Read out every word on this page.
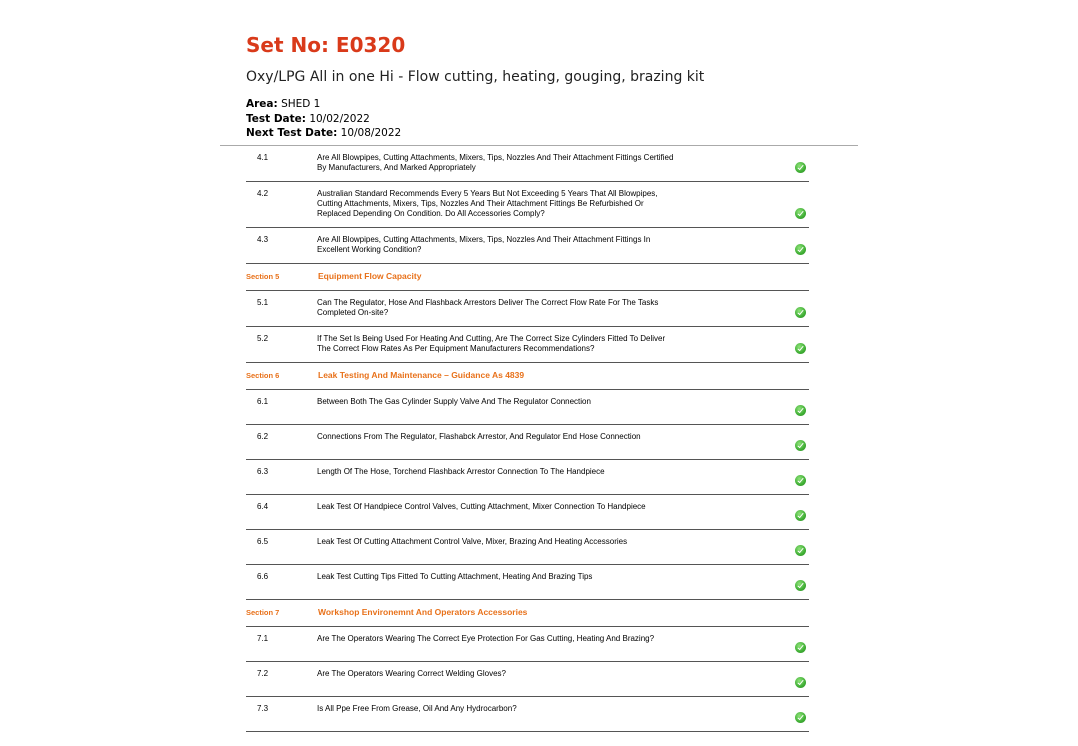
Set No: E0320
Oxy/LPG All in one Hi - Flow cutting, heating, gouging, brazing kit
Area: SHED 1
Test Date: 10/02/2022
Next Test Date: 10/08/2022
4.1	Are All Blowpipes, Cutting Attachments, Mixers, Tips, Nozzles And Their Attachment Fittings Certified By Manufacturers, And Marked Appropriately
4.2	Australian Standard Recommends Every 5 Years But Not Exceeding 5 Years That All Blowpipes, Cutting Attachments, Mixers, Tips, Nozzles And Their Attachment Fittings Be Refurbished Or Replaced Depending On Condition. Do All Accessories Comply?
4.3	Are All Blowpipes, Cutting Attachments, Mixers, Tips, Nozzles And Their Attachment Fittings In Excellent Working Condition?
Section 5	Equipment Flow Capacity
5.1	Can The Regulator, Hose And Flashback Arrestors Deliver The Correct Flow Rate For The Tasks Completed On-site?
5.2	If The Set Is Being Used For Heating And Cutting, Are The Correct Size Cylinders Fitted To Deliver The Correct Flow Rates As Per Equipment Manufacturers Recommendations?
Section 6	Leak Testing And Maintenance – Guidance As 4839
6.1	Between Both The Gas Cylinder Supply Valve And The Regulator Connection
6.2	Connections From The Regulator, Flashabck Arrestor, And Regulator End Hose Connection
6.3	Length Of The Hose, Torchend Flashback Arrestor Connection To The Handpiece
6.4	Leak Test Of Handpiece Control Valves, Cutting Attachment, Mixer Connection To Handpiece
6.5	Leak Test Of Cutting Attachment Control Valve, Mixer, Brazing And Heating Accessories
6.6	Leak Test Cutting Tips Fitted To Cutting Attachment, Heating And Brazing Tips
Section 7	Workshop Environemnt And Operators Accessories
7.1	Are The Operators Wearing The Correct Eye Protection For Gas Cutting, Heating And Brazing?
7.2	Are The Operators Wearing Correct Welding Gloves?
7.3	Is All Ppe Free From Grease, Oil And Any Hydrocarbon?
